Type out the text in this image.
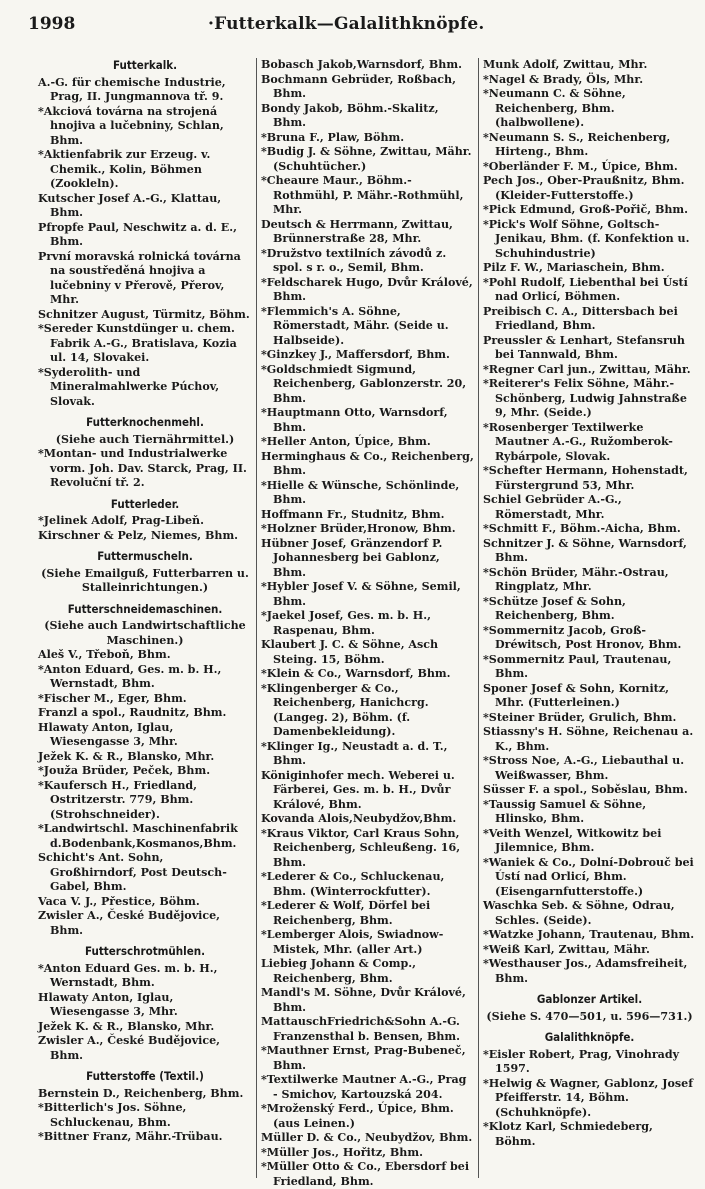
1998	·Futterkalk—Galalithknöpfe.
Futterkalk.
A.-G. für chemische Industrie, Prag, II. Jungmannova tř. 9.
*Akciová továrna na strojená hnojiva a lučebniny, Schlan, Bhm.
*Aktienfabrik zur Erzeug. v. Chemik., Kolin, Böhmen (Zookleln).
Kutscher Josef A.-G., Klattau, Bhm.
Pfropfe Paul, Neschwitz a. d. E., Bhm.
První moravská rolnická továrna na soustředěná hnojiva a lučebniny v Přerově, Přerov, Mhr.
Schnitzer August, Türmitz, Böhm.
*Sereder Kunstdünger u. chem. Fabrik A.-G., Bratislava, Kozia ul. 14, Slovakei.
*Syderolith- und Mineralmahlwerke Púchov, Slovak.
Futterknochenmehl.
(Siehe auch Tiernährmittel.)
*Montan- und Industrialwerke vorm. Joh. Dav. Starck, Prag, II. Revoluční tř. 2.
Futterleder.
*Jelinek Adolf, Prag-Libeň.
Kirschner & Pelz, Niemes, Bhm.
Futtermuscheln.
(Siehe Emailguß, Futterbarren u. Stalleinrichtungen.)
Futterschneidemaschinen.
(Siehe auch Landwirtschaftliche Maschinen.)
Aleš V., Třeboň, Bhm.
*Anton Eduard, Ges. m. b. H., Wernstadt, Bhm.
*Fischer M., Eger, Bhm.
Franzl a spol., Raudnitz, Bhm.
Hlawaty Anton, Iglau, Wiesengasse 3, Mhr.
Ježek K. & R., Blansko, Mhr.
*Jouža Brüder, Peček, Bhm.
*Kaufersch H., Friedland, Ostritzerstr. 779, Bhm. (Strohschneider).
*Landwirtschl. Maschinenfabrik d.Bodenbank,Kosmanos,Bhm.
Schicht's Ant. Sohn, Großhirndorf, Post Deutsch-Gabel, Bhm.
Vaca V. J., Přestice, Böhm.
Zwisler A., České Budějovice, Bhm.
Futterschrotmühlen.
*Anton Eduard Ges. m. b. H., Wernstadt, Bhm.
Hlawaty Anton, Iglau, Wiesengasse 3, Mhr.
Ježek K. & R., Blansko, Mhr.
Zwisler A., České Budějovice, Bhm.
Futterstoffe (Textil.)
Bernstein D., Reichenberg, Bhm.
*Bitterlich's Jos. Söhne, Schluckenau, Bhm.
*Bittner Franz, Mähr.-Trübau.
Bobasch Jakob,Warnsdorf, Bhm.
Bochmann Gebrüder, Roßbach, Bhm.
Bondy Jakob, Böhm.-Skalitz, Bhm.
*Bruna F., Plaw, Böhm.
*Budig J. & Söhne, Zwittau, Mähr. (Schuhtücher.)
*Cheaure Maur., Böhm.-Rothmühl, P. Mähr.-Rothmühl, Mhr.
Deutsch & Herrmann, Zwittau, Brünnerstraße 28, Mhr.
*Družstvo textilních závodů z. spol. s r. o., Semil, Bhm.
*Feldscharek Hugo, Dvůr Králové, Bhm.
*Flemmich's A. Söhne, Römerstadt, Mähr. (Seide u. Halbseide).
*Ginzkey J., Maffersdorf, Bhm.
*Goldschmiedt Sigmund, Reichenberg, Gablonzerstr. 20, Bhm.
*Hauptmann Otto, Warnsdorf, Bhm.
*Heller Anton, Úpice, Bhm.
Herminghaus & Co., Reichenberg, Bhm.
*Hielle & Wünsche, Schönlinde, Bhm.
Hoffmann Fr., Studnitz, Bhm.
*Holzner Brüder,Hronow, Bhm.
Hübner Josef, Gränzendorf P. Johannesberg bei Gablonz, Bhm.
*Hybler Josef V. & Söhne, Semil, Bhm.
*Jaekel Josef, Ges. m. b. H., Raspenau, Bhm.
Klaubert J. C. & Söhne, Asch Steing. 15, Böhm.
*Klein & Co., Warnsdorf, Bhm.
*Klingenberger & Co., Reichenberg, Hanichcrg. (Langeg. 2), Böhm. (f. Damenbekleidung).
*Klinger Ig., Neustadt a. d. T., Bhm.
Königinhofer mech. Weberei u. Färberei, Ges. m. b. H., Dvůr Králové, Bhm.
Kovanda Alois,Neubydžov,Bhm.
*Kraus Viktor, Carl Kraus Sohn, Reichenberg, Schleußeng. 16, Bhm.
*Lederer & Co., Schluckenau, Bhm. (Winterrockfutter).
*Lederer & Wolf, Dörfel bei Reichenberg, Bhm.
*Lemberger Alois, Swiadnow-Mistek, Mhr. (aller Art.)
Liebieg Johann & Comp., Reichenberg, Bhm.
Mandl's M. Söhne, Dvůr Králové, Bhm.
MattauschFriedrich&Sohn A.-G. Franzensthal b. Bensen, Bhm.
*Mauthner Ernst, Prag-Bubeneč, Bhm.
*Textilwerke Mautner A.-G., Prag - Smichov, Kartouzská 204.
*Mroženský Ferd., Úpice, Bhm. (aus Leinen.)
Müller D. & Co., Neubydžov, Bhm.
*Müller Jos., Hořitz, Bhm.
*Müller Otto & Co., Ebersdorf bei Friedland, Bhm.
Munk Adolf, Zwittau, Mhr.
*Nagel & Brady, Öls, Mhr.
*Neumann C. & Söhne, Reichenberg, Bhm. (halbwollene).
*Neumann S. S., Reichenberg, Hirteng., Bhm.
*Oberländer F. M., Úpice, Bhm.
Pech Jos., Ober-Praußnitz, Bhm. (Kleider-Futterstoffe.)
*Pick Edmund, Groß-Pořič, Bhm.
*Pick's Wolf Söhne, Goltsch-Jenikau, Bhm. (f. Konfektion u. Schuhindustrie)
Pilz F. W., Mariaschein, Bhm.
*Pohl Rudolf, Liebenthal bei Ústí nad Orlicí, Böhmen.
Preibisch C. A., Dittersbach bei Friedland, Bhm.
Preussler & Lenhart, Stefansruh bei Tannwald, Bhm.
*Regner Carl jun., Zwittau, Mähr.
*Reiterer's Felix Söhne, Mähr.-Schönberg, Ludwig Jahnstraße 9, Mhr. (Seide.)
*Rosenberger Textilwerke Mautner A.-G., Ružomberok-Rybárpole, Slovak.
*Schefter Hermann, Hohenstadt, Fürstergrund 53, Mhr.
Schiel Gebrüder A.-G., Römerstadt, Mhr.
*Schmitt F., Böhm.-Aicha, Bhm.
Schnitzer J. & Söhne, Warnsdorf, Bhm.
*Schön Brüder, Mähr.-Ostrau, Ringplatz, Mhr.
*Schütze Josef & Sohn, Reichenberg, Bhm.
*Sommernitz Jacob, Groß-Dréwitsch, Post Hronov, Bhm.
*Sommernitz Paul, Trautenau, Bhm.
Sponer Josef & Sohn, Kornitz, Mhr. (Futterleinen.)
*Steiner Brüder, Grulich, Bhm.
Stiassny's H. Söhne, Reichenau a. K., Bhm.
*Stross Noe, A.-G., Liebauthal u. Weißwasser, Bhm.
Süsser F. a spol., Soběslau, Bhm.
*Taussig Samuel & Söhne, Hlinsko, Bhm.
*Veith Wenzel, Witkowitz bei Jilemnice, Bhm.
*Waniek & Co., Dolní-Dobrouč bei Ústí nad Orlicí, Bhm. (Eisengarnfutterstoffe.)
Waschka Seb. & Söhne, Odrau, Schles. (Seide).
*Watzke Johann, Trautenau, Bhm.
*Weiß Karl, Zwittau, Mähr.
*Westhauser Jos., Adamsfreiheit, Bhm.
Gablonzer Artikel.
(Siehe S. 470—501, u. 596—731.)
Galalithknöpfe.
*Eisler Robert, Prag, Vinohrady 1597.
*Helwig & Wagner, Gablonz, Josef Pfeifferstr. 14, Böhm. (Schuhknöpfe).
*Klotz Karl, Schmiedeberg, Böhm.
